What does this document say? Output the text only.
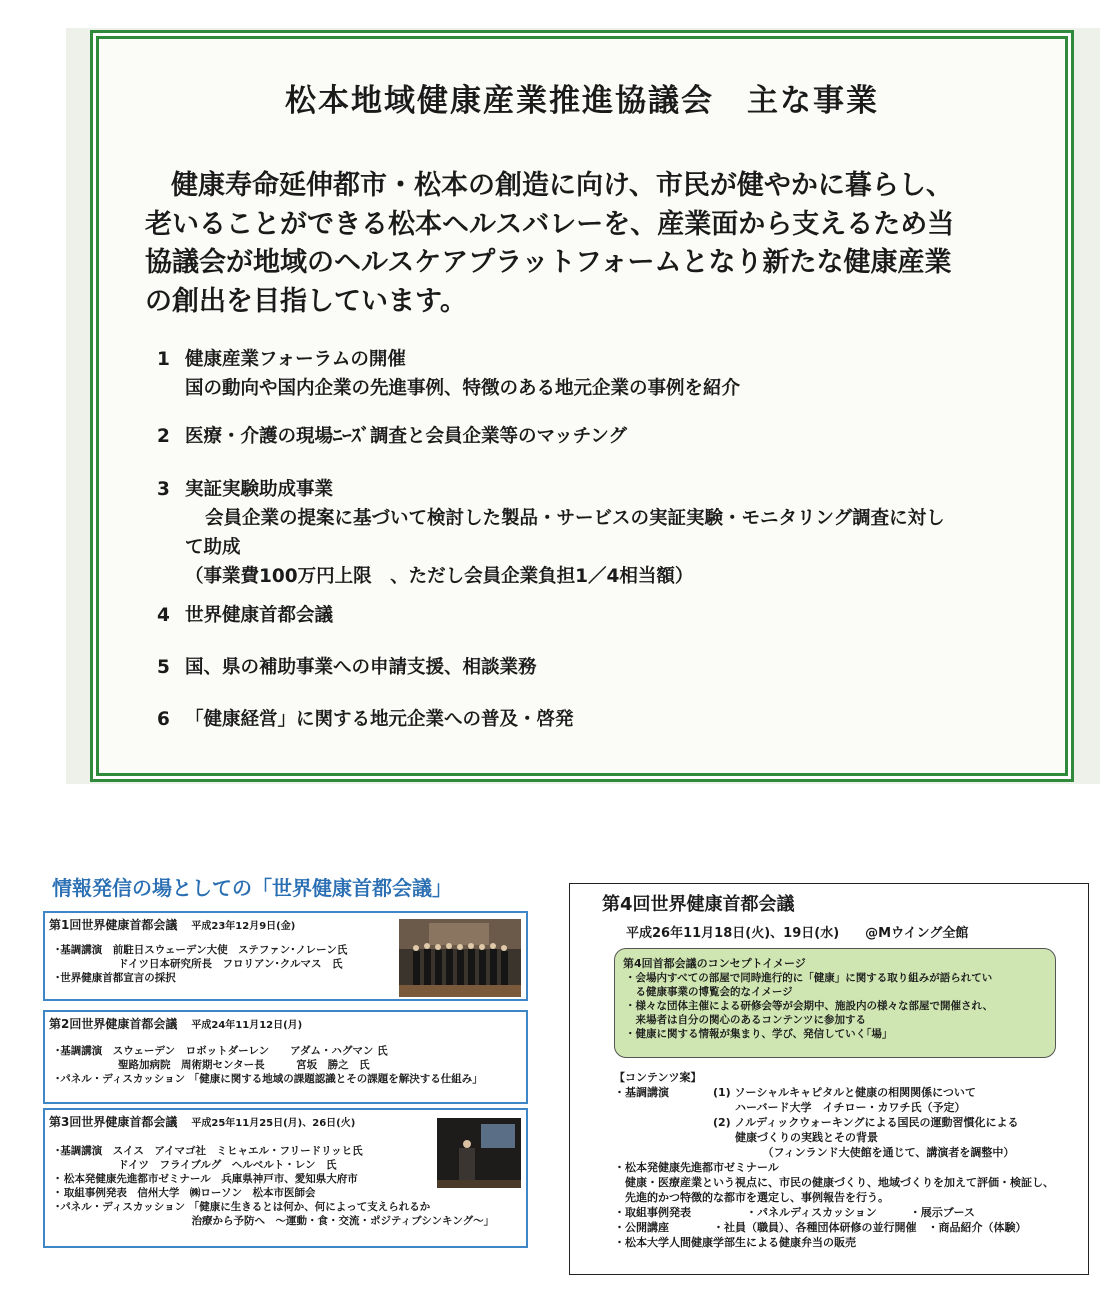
松本地域健康産業推進協議会　主な事業
健康寿命延伸都市・松本の創造に向け、市民が健やかに暮らし、
老いることができる松本ヘルスバレーを、産業面から支えるため当
協議会が地域のヘルスケアプラットフォームとなり新たな健康産業
の創出を目指しています。
1 健康産業フォーラムの開催
国の動向や国内企業の先進事例、特徴のある地元企業の事例を紹介
2 医療・介護の現場ﾆｰｽﾞ調査と会員企業等のマッチング
3 実証実験助成事業
会員企業の提案に基づいて検討した製品・サービスの実証実験・モニタリング調査に対し
て助成
（事業費100万円上限　、ただし会員企業負担1／4相当額）
4 世界健康首都会議
5 国、県の補助事業への申請支援、相談業務
6 「健康経営」に関する地元企業への普及・啓発
情報発信の場としての「世界健康首都会議」
第1回世界健康首都会議 平成23年12月9日(金)
･基調講演　前駐日スウェーデン大使　ステファン･ノレーン氏
　　　　　　ドイツ日本研究所長　フロリアン･クルマス　氏
･世界健康首都宣言の採択
第2回世界健康首都会議 平成24年11月12日(月)
･基調講演　スウェーデン　ロボットダーレン　　アダム・ハグマン 氏
　　　　　　聖路加病院　周術期センター長　　　宮坂　勝之　氏
･パネル・ディスカッション 「健康に関する地域の課題認識とその課題を解決する仕組み」
第3回世界健康首都会議 平成25年11月25日(月)、26日(火)
･基調講演　スイス　アイマゴ社　ミヒャエル・フリードリッヒ氏
　　　　　　ドイツ　フライブルグ　ヘルベルト・レン　氏
･ 松本発健康先進都市ゼミナール　兵庫県神戸市、愛知県大府市
･ 取組事例発表　信州大学　㈱ローソン　松本市医師会
･パネル・ディスカッション 「健康に生きるとは何か、何によって支えられるか
　　　　　　　　　　　　　治療から予防へ　～運動・食・交流・ポジティブシンキング～」
第4回世界健康首都会議
平成26年11月18日(火)、19日(水)　　@Mウイング全館
第4回首都会議のコンセプトイメージ
・会場内すべての部屋で同時進行的に「健康」に関する取り組みが語られてい
　る健康事業の博覧会的なイメージ
・様々な団体主催による研修会等が会期中、施設内の様々な部屋で開催され、
　来場者は自分の関心のあるコンテンツに参加する
・健康に関する情報が集まり、学び、発信していく｢場｣
【コンテンツ案】
・基調講演　　　　(1) ソーシャルキャピタルと健康の相関関係について
　　　　　　　　　　　ハーバード大学　イチロー・カワチ氏（予定）
　　　　　　　　　(2) ノルディックウォーキングによる国民の運動習慣化による
　　　　　　　　　　　健康づくりの実践とその背景
　　　　　　　　　　　　　　（フィンランド大使館を通じて、講演者を調整中）
・松本発健康先進都市ゼミナール
　健康・医療産業という視点に、市民の健康づくり、地域づくりを加えて評価・検証し、
　先進的かつ特徴的な都市を選定し、事例報告を行う。
・取組事例発表　　　　　・パネルディスカッション　　　・展示ブース
・公開講座　　　　・社員（職員）、各種団体研修の並行開催　・商品紹介（体験）
・松本大学人間健康学部生による健康弁当の販売
